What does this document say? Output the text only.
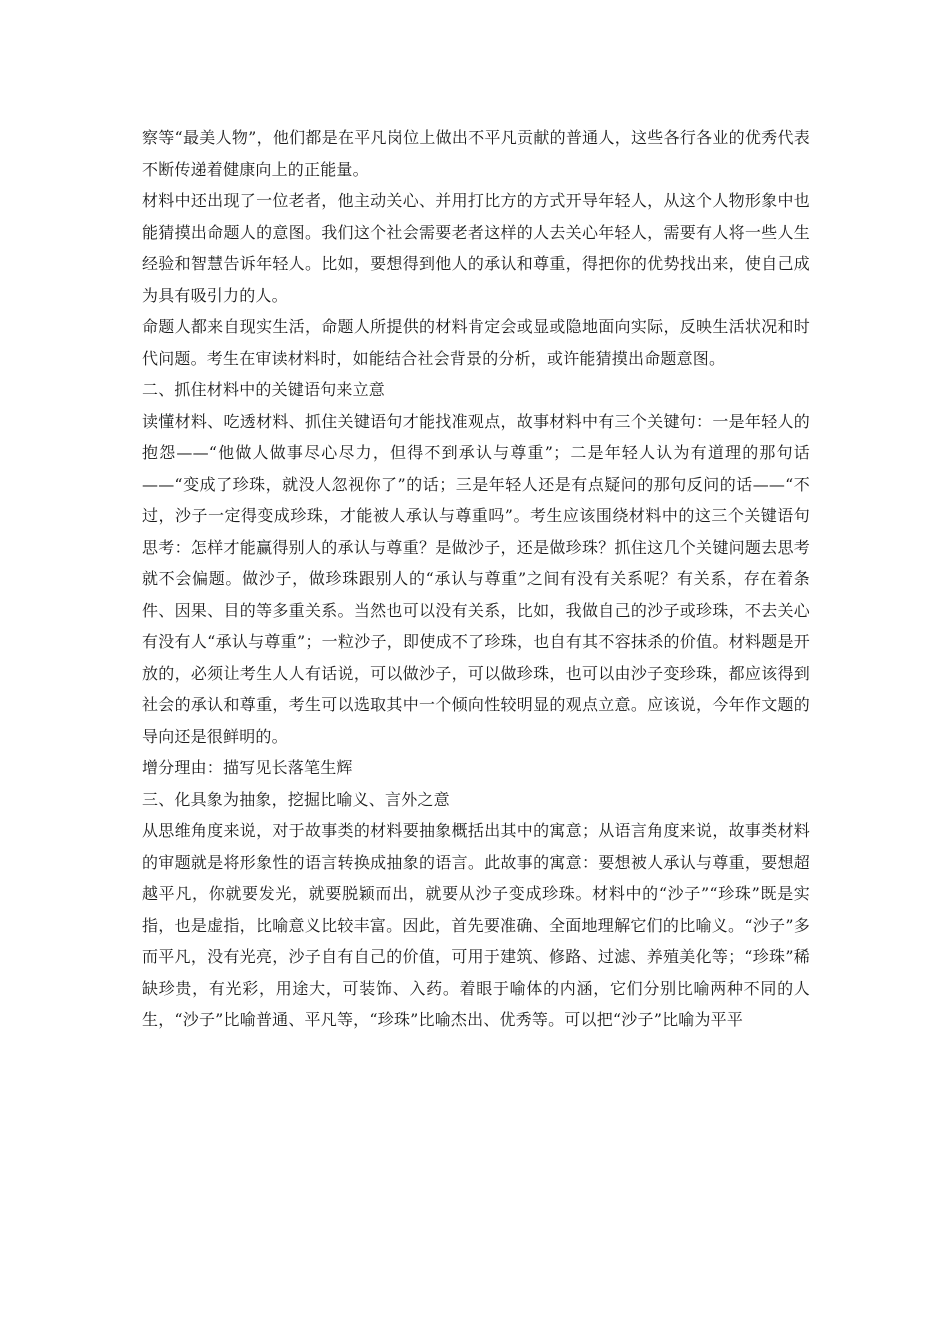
察等“最美人物”，他们都是在平凡岗位上做出不平凡贡献的普通人，这些各行各业的优秀代表不断传递着健康向上的正能量。

材料中还出现了一位老者，他主动关心、并用打比方的方式开导年轻人，从这个人物形象中也能猜摸出命题人的意图。我们这个社会需要老者这样的人去关心年轻人，需要有人将一些人生经验和智慧告诉年轻人。比如，要想得到他人的承认和尊重，得把你的优势找出来，使自己成为具有吸引力的人。

命题人都来自现实生活，命题人所提供的材料肯定会或显或隐地面向实际，反映生活状况和时代问题。考生在审读材料时，如能结合社会背景的分析，或许能猜摸出命题意图。

二、抓住材料中的关键语句来立意

读懂材料、吃透材料、抓住关键语句才能找准观点，故事材料中有三个关键句：一是年轻人的抱怨——“他做人做事尽心尽力，但得不到承认与尊重”；二是年轻人认为有道理的那句话——“变成了珍珠，就没人忽视你了”的话；三是年轻人还是有点疑问的那句反问的话——“不过，沙子一定得变成珍珠，才能被人承认与尊重吗”。考生应该围绕材料中的这三个关键语句思考：怎样才能赢得别人的承认与尊重？是做沙子，还是做珍珠？抓住这几个关键问题去思考就不会偏题。做沙子，做珍珠跟别人的“承认与尊重”之间有没有关系呢？有关系，存在着条件、因果、目的等多重关系。当然也可以没有关系，比如，我做自己的沙子或珍珠，不去关心有没有人“承认与尊重”；一粒沙子，即使成不了珍珠，也自有其不容抹杀的价值。材料题是开放的，必须让考生人人有话说，可以做沙子，可以做珍珠，也可以由沙子变珍珠，都应该得到社会的承认和尊重，考生可以选取其中一个倾向性较明显的观点立意。应该说，今年作文题的导向还是很鲜明的。

增分理由：描写见长落笔生辉

三、化具象为抽象，挖掘比喻义、言外之意

从思维角度来说，对于故事类的材料要抽象概括出其中的寓意；从语言角度来说，故事类材料的审题就是将形象性的语言转换成抽象的语言。此故事的寓意：要想被人承认与尊重，要想超越平凡，你就要发光，就要脱颖而出，就要从沙子变成珍珠。材料中的“沙子”“珍珠”既是实指，也是虚指，比喻意义比较丰富。因此，首先要准确、全面地理解它们的比喻义。“沙子”多而平凡，没有光亮，沙子自有自己的价值，可用于建筑、修路、过滤、养殖美化等；“珍珠”稀缺珍贵，有光彩，用途大，可装饰、入药。着眼于喻体的内涵，它们分别比喻两种不同的人生，“沙子”比喻普通、平凡等，“珍珠”比喻杰出、优秀等。可以把“沙子”比喻为平平
